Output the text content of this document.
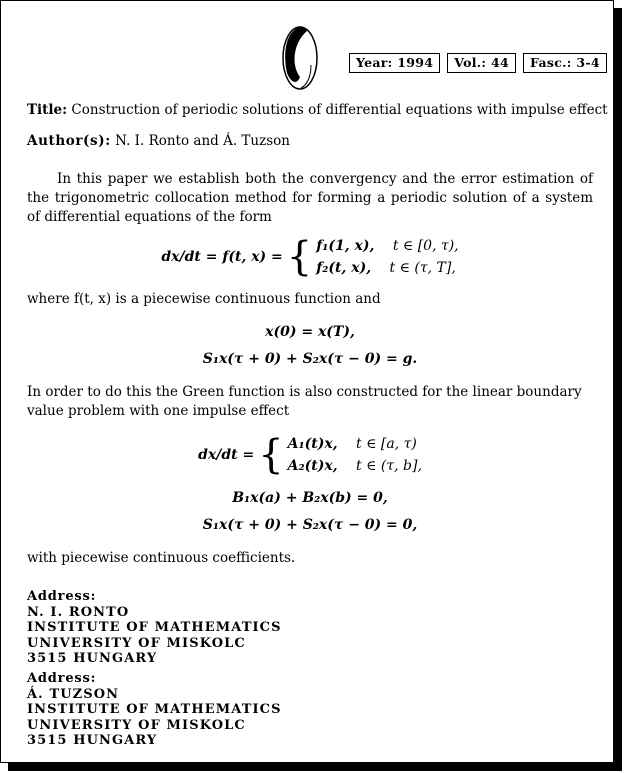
Year: 1994	Vol.: 44	Fasc.: 3-4
Title: Construction of periodic solutions of differential equations with impulse effect
Author(s): N. I. Ronto and Á. Tuzson

In this paper we establish both the convergency and the error estimation of the trigonometric collocation method for forming a periodic solution of a system of differential equations of the form

dx/dt = f(t, x) = { f₁(1, x), t ∈ [0, τ),
f₂(t, x), t ∈ (τ, T],
where f(t, x) is a piecewise continuous function and
x(0) = x(T),
S₁x(τ + 0) + S₂x(τ − 0) = g.
In order to do this the Green function is also constructed for the linear boundary value problem with one impulse effect
dx/dt = { A₁(t)x, t ∈ [a, τ)
A₂(t)x, t ∈ (τ, b],
B₁x(a) + B₂x(b) = 0,
S₁x(τ + 0) + S₂x(τ − 0) = 0,
with piecewise continuous coefficients.
Address:
N. I. RONTO
INSTITUTE OF MATHEMATICS
UNIVERSITY OF MISKOLC
3515 HUNGARY
Address:
Á. TUZSON
INSTITUTE OF MATHEMATICS
UNIVERSITY OF MISKOLC
3515 HUNGARY
